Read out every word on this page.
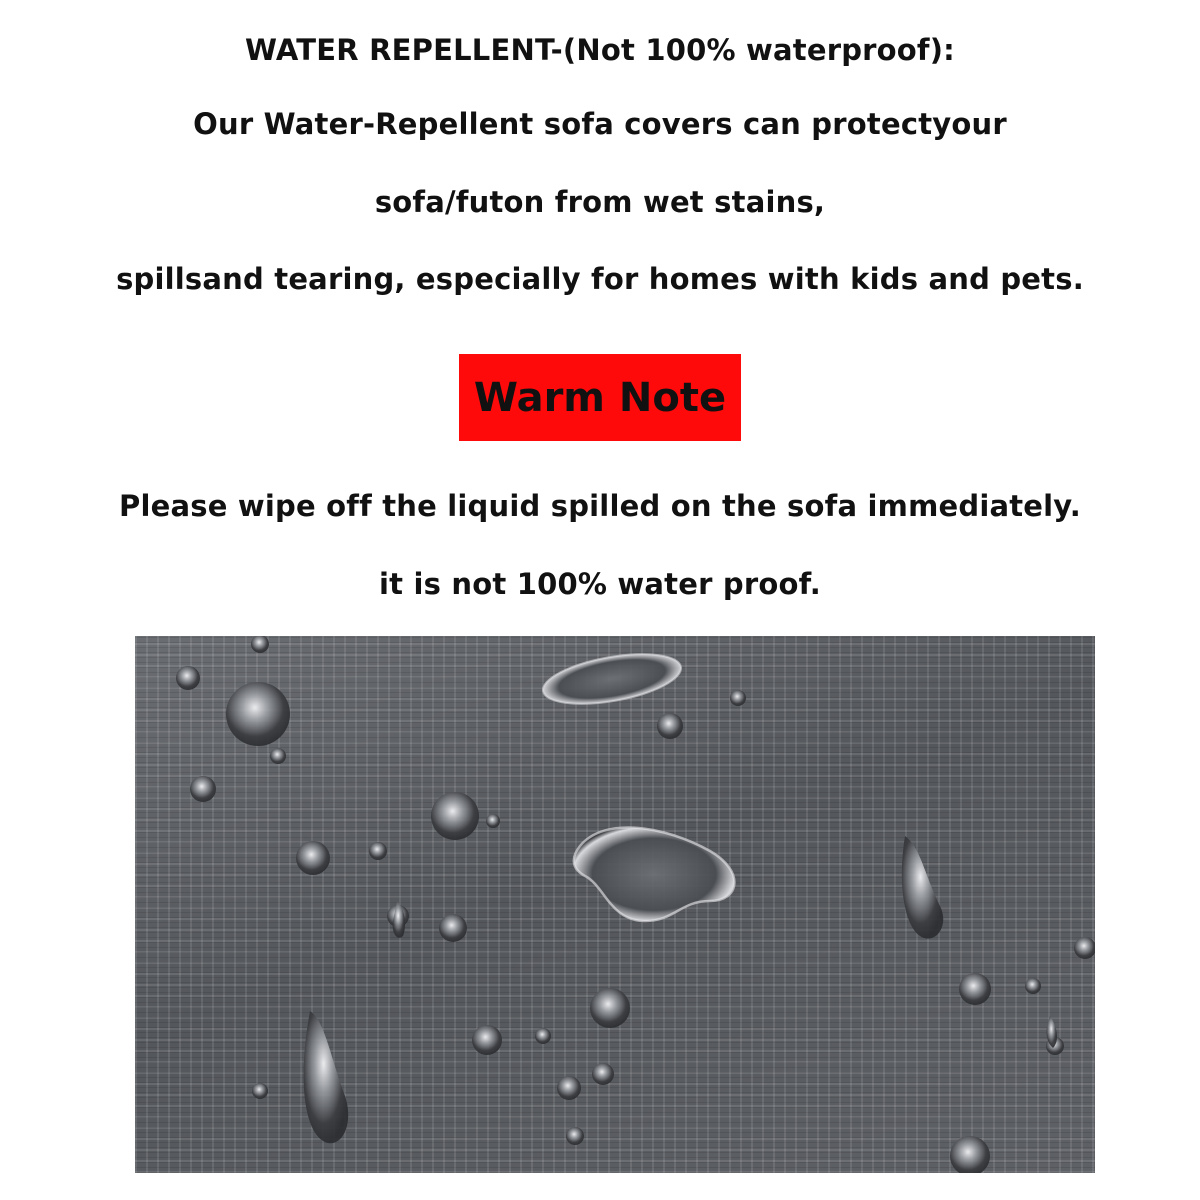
WATER REPELLENT-(Not 100% waterproof):
Our Water-Repellent sofa covers can protectyour
sofa/futon from wet stains,
spillsand tearing, especially for homes with kids and pets.
Warm Note
Please wipe off the liquid spilled on the sofa immediately.
it is not 100% water proof.
